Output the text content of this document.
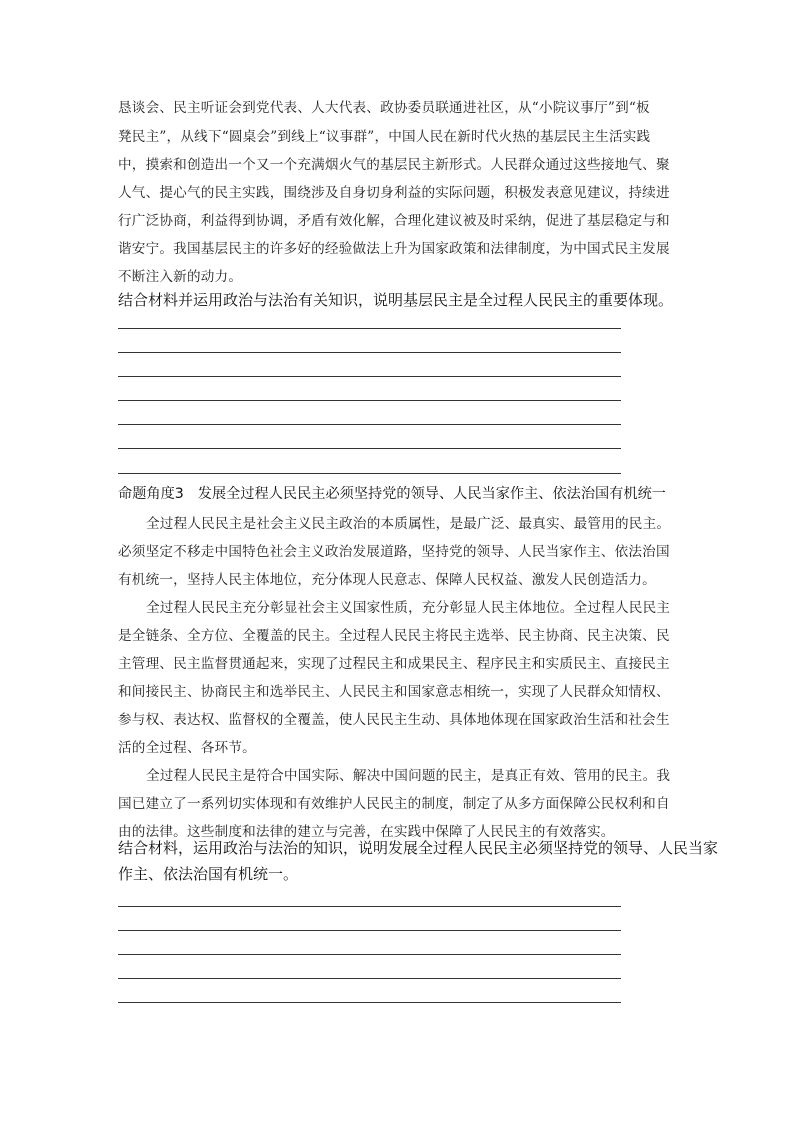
恳谈会、民主听证会到党代表、人大代表、政协委员联通进社区，从“小院议事厅”到“板
凳民主”，从线下“圆桌会”到线上“议事群”，中国人民在新时代火热的基层民主生活实践
中，摸索和创造出一个又一个充满烟火气的基层民主新形式。人民群众通过这些接地气、聚
人气、提心气的民主实践，围绕涉及自身切身利益的实际问题，积极发表意见建议，持续进
行广泛协商，利益得到协调，矛盾有效化解，合理化建议被及时采纳，促进了基层稳定与和
谐安宁。我国基层民主的许多好的经验做法上升为国家政策和法律制度，为中国式民主发展
不断注入新的动力。
结合材料并运用政治与法治有关知识，说明基层民主是全过程人民民主的重要体现。
命题角度3 发展全过程人民民主必须坚持党的领导、人民当家作主、依法治国有机统一
全过程人民民主是社会主义民主政治的本质属性，是最广泛、最真实、最管用的民主。
必须坚定不移走中国特色社会主义政治发展道路，坚持党的领导、人民当家作主、依法治国
有机统一，坚持人民主体地位，充分体现人民意志、保障人民权益、激发人民创造活力。
全过程人民民主充分彰显社会主义国家性质，充分彰显人民主体地位。全过程人民民主
是全链条、全方位、全覆盖的民主。全过程人民民主将民主选举、民主协商、民主决策、民
主管理、民主监督贯通起来，实现了过程民主和成果民主、程序民主和实质民主、直接民主
和间接民主、协商民主和选举民主、人民民主和国家意志相统一，实现了人民群众知情权、
参与权、表达权、监督权的全覆盖，使人民民主生动、具体地体现在国家政治生活和社会生
活的全过程、各环节。
全过程人民民主是符合中国实际、解决中国问题的民主，是真正有效、管用的民主。我
国已建立了一系列切实体现和有效维护人民民主的制度，制定了从多方面保障公民权利和自
由的法律。这些制度和法律的建立与完善，在实践中保障了人民民主的有效落实。
结合材料，运用政治与法治的知识，说明发展全过程人民民主必须坚持党的领导、人民当家
作主、依法治国有机统一。
